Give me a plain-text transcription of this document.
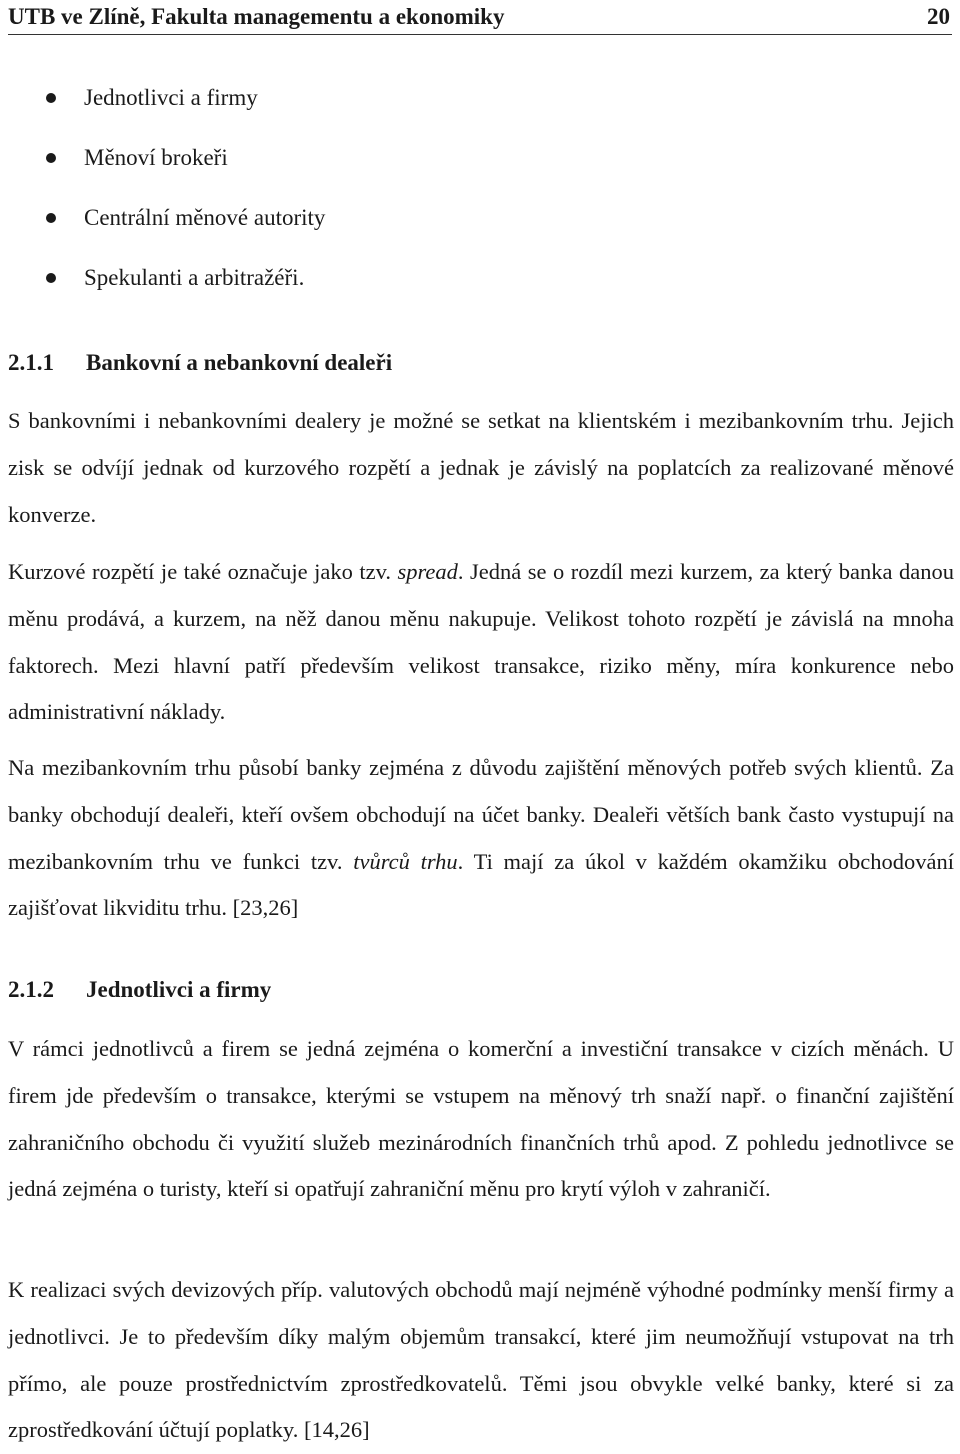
UTB ve Zlíně, Fakulta managementu a ekonomiky	20
Jednotlivci a firmy
Měnoví brokeři
Centrální měnové autority
Spekulanti a arbitražéři.
2.1.1 Bankovní a nebankovní dealeři

S bankovními i nebankovními dealery je možné se setkat na klientském i mezibankovním trhu. Jejich zisk se odvíjí jednak od kurzového rozpětí a jednak je závislý na poplatcích za realizované měnové konverze.

Kurzové rozpětí je také označuje jako tzv. spread. Jedná se o rozdíl mezi kurzem, za který banka danou měnu prodává, a kurzem, na něž danou měnu nakupuje. Velikost tohoto rozpětí je závislá na mnoha faktorech. Mezi hlavní patří především velikost transakce, riziko měny, míra konkurence nebo administrativní náklady.

Na mezibankovním trhu působí banky zejména z důvodu zajištění měnových potřeb svých klientů. Za banky obchodují dealeři, kteří ovšem obchodují na účet banky. Dealeři větších bank často vystupují na mezibankovním trhu ve funkci tzv. tvůrců trhu. Ti mají za úkol v každém okamžiku obchodování zajišťovat likviditu trhu. [23,26]

2.1.2 Jednotlivci a firmy

V rámci jednotlivců a firem se jedná zejména o komerční a investiční transakce v cizích měnách. U firem jde především o transakce, kterými se vstupem na měnový trh snaží např. o finanční zajištění zahraničního obchodu či využití služeb mezinárodních finančních trhů apod. Z pohledu jednotlivce se jedná zejména o turisty, kteří si opatřují zahraniční měnu pro krytí výloh v zahraničí.

K realizaci svých devizových příp. valutových obchodů mají nejméně výhodné podmínky menší firmy a jednotlivci. Je to především díky malým objemům transakcí, které jim neumožňují vstupovat na trh přímo, ale pouze prostřednictvím zprostředkovatelů. Těmi jsou obvykle velké banky, které si za zprostředkování účtují poplatky. [14,26]
